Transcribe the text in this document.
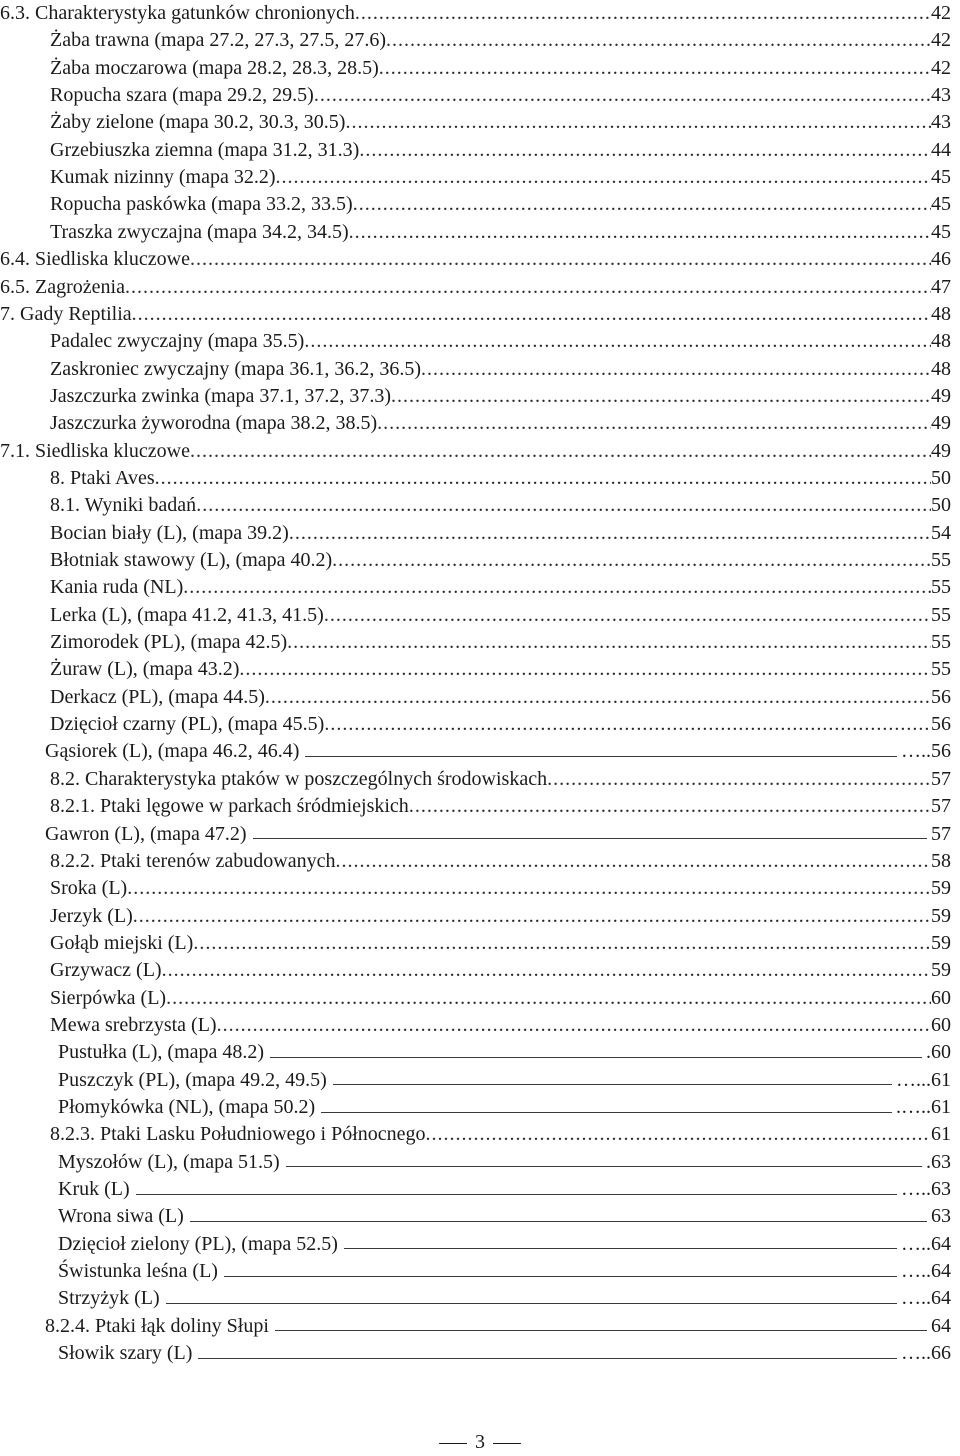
6.3. Charakterystyka gatunków chronionych .....	42
Żaba trawna (mapa 27.2, 27.3, 27.5, 27.6) .....	42
Żaba moczarowa (mapa 28.2, 28.3, 28.5) .....	42
Ropucha szara (mapa 29.2, 29.5) .....	43
Żaby zielone (mapa 30.2, 30.3, 30.5) .....	43
Grzebiuszka ziemna (mapa 31.2, 31.3) .....	44
Kumak nizinny (mapa 32.2) .....	45
Ropucha paskówka (mapa 33.2, 33.5) .....	45
Traszka zwyczajna (mapa 34.2, 34.5) .....	45
6.4. Siedliska kluczowe .....	46
6.5. Zagrożenia .....	47
7. Gady Reptilia .....	48
Padalec zwyczajny (mapa 35.5) .....	48
Zaskroniec zwyczajny (mapa 36.1, 36.2, 36.5) .....	48
Jaszczurka zwinka (mapa 37.1, 37.2, 37.3) .....	49
Jaszczurka żyworodna (mapa 38.2, 38.5) .....	49
7.1. Siedliska kluczowe .....	49
8. Ptaki Aves .....	50
8.1. Wyniki badań .....	50
Bocian biały (L), (mapa 39.2) .....	54
Błotniak stawowy (L), (mapa 40.2) .....	55
Kania ruda (NL) .....	55
Lerka (L), (mapa 41.2, 41.3, 41.5) .....	55
Zimorodek (PL), (mapa 42.5) .....	55
Żuraw (L), (mapa 43.2) .....	55
Derkacz (PL), (mapa 44.5) .....	56
Dzięcioł czarny (PL), (mapa 45.5) .....	56
Gąsiorek (L), (mapa 46.2, 46.4)	….. 56
8.2. Charakterystyka ptaków w poszczególnych środowiskach .....	57
8.2.1. Ptaki lęgowe w parkach śródmiejskich .....	57
Gawron (L), (mapa 47.2)	57
8.2.2. Ptaki terenów zabudowanych .....	58
Sroka (L) .....	59
Jerzyk (L) .....	59
Gołąb miejski (L) .....	59
Grzywacz (L) .....	59
Sierpówka (L) .....	60
Mewa srebrzysta (L) .....	60
Pustułka (L), (mapa 48.2)	. 60
Puszczyk (PL), (mapa 49.2, 49.5)	…... 61
Płomykówka (NL), (mapa 50.2)	.….. 61
8.2.3. Ptaki Lasku Południowego i Północnego .....	61
Myszołów (L), (mapa 51.5)	. 63
Kruk (L)	….. 63
Wrona siwa (L)	63
Dzięcioł zielony (PL), (mapa 52.5)	….. 64
Świstunka leśna (L)	….. 64
Strzyżyk (L)	….. 64
8.2.4. Ptaki łąk doliny Słupi	64
Słowik szary (L)	….. 66
3
